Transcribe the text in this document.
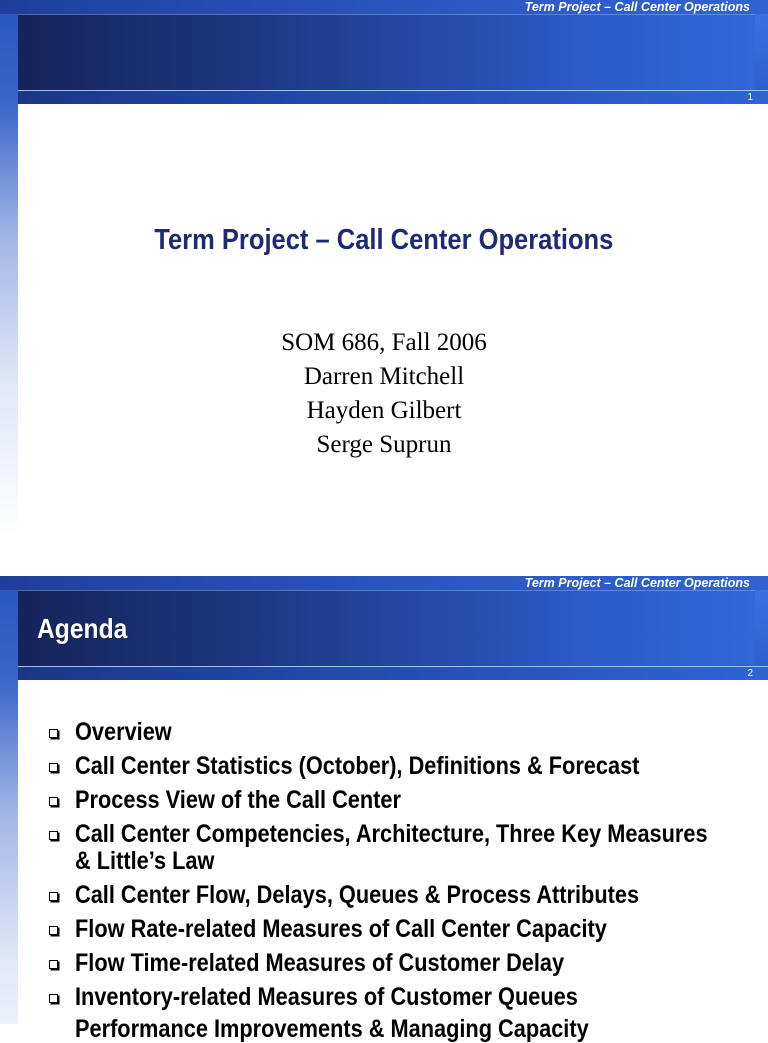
Term Project – Call Center Operations
1
Term Project – Call Center Operations
SOM 686, Fall 2006
Darren Mitchell
Hayden Gilbert
Serge Suprun
Term Project – Call Center Operations
2
Agenda
Overview
Call Center Statistics (October), Definitions & Forecast
Process View of the Call Center
Call Center Competencies, Architecture, Three Key Measures
& Little’s Law
Call Center Flow, Delays, Queues & Process Attributes
Flow Rate-related Measures of Call Center Capacity
Flow Time-related Measures of Customer Delay
Inventory-related Measures of Customer Queues
Performance Improvements & Managing Capacity
